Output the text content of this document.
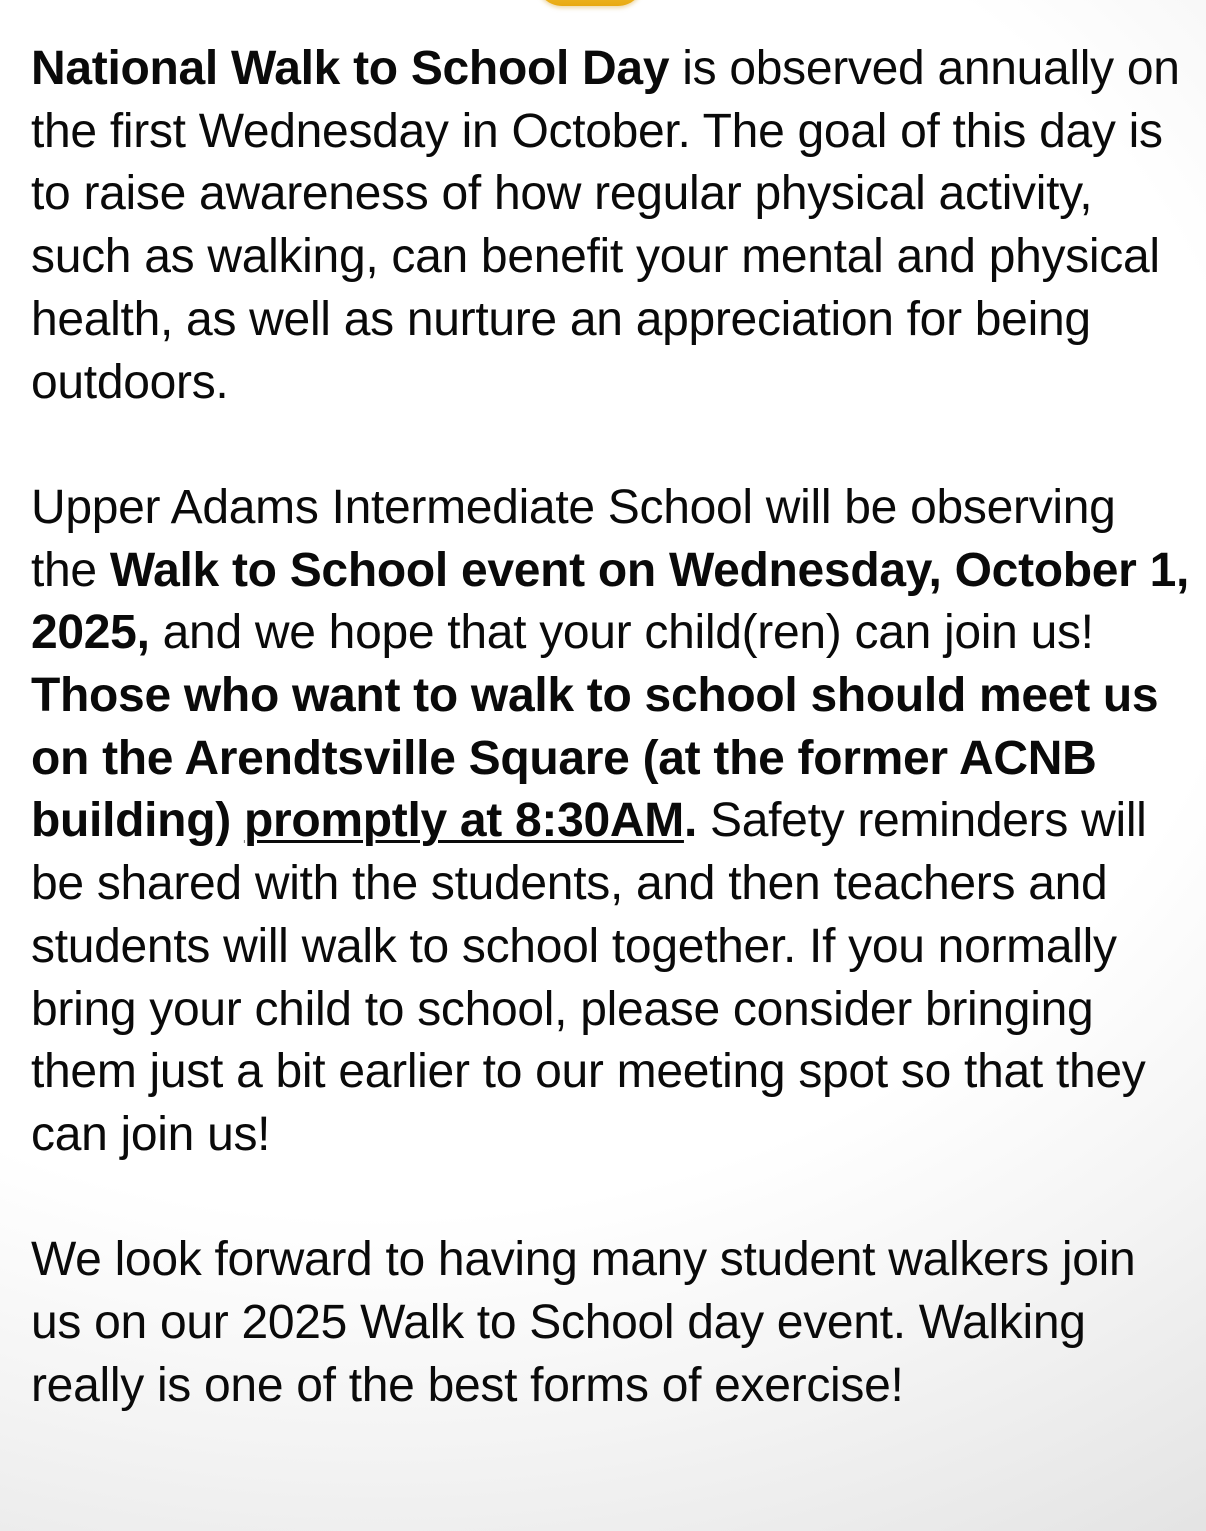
National Walk to School Day is observed annually on the first Wednesday in October. The goal of this day is to raise awareness of how regular physical activity, such as walking, can benefit your mental and physical health, as well as nurture an appreciation for being outdoors.

Upper Adams Intermediate School will be observing the Walk to School event on Wednesday, October 1, 2025, and we hope that your child(ren) can join us! Those who want to walk to school should meet us on the Arendtsville Square (at the former ACNB building) promptly at 8:30AM. Safety reminders will be shared with the students, and then teachers and students will walk to school together. If you normally bring your child to school, please consider bringing them just a bit earlier to our meeting spot so that they can join us!

We look forward to having many student walkers join us on our 2025 Walk to School day event. Walking really is one of the best forms of exercise!
